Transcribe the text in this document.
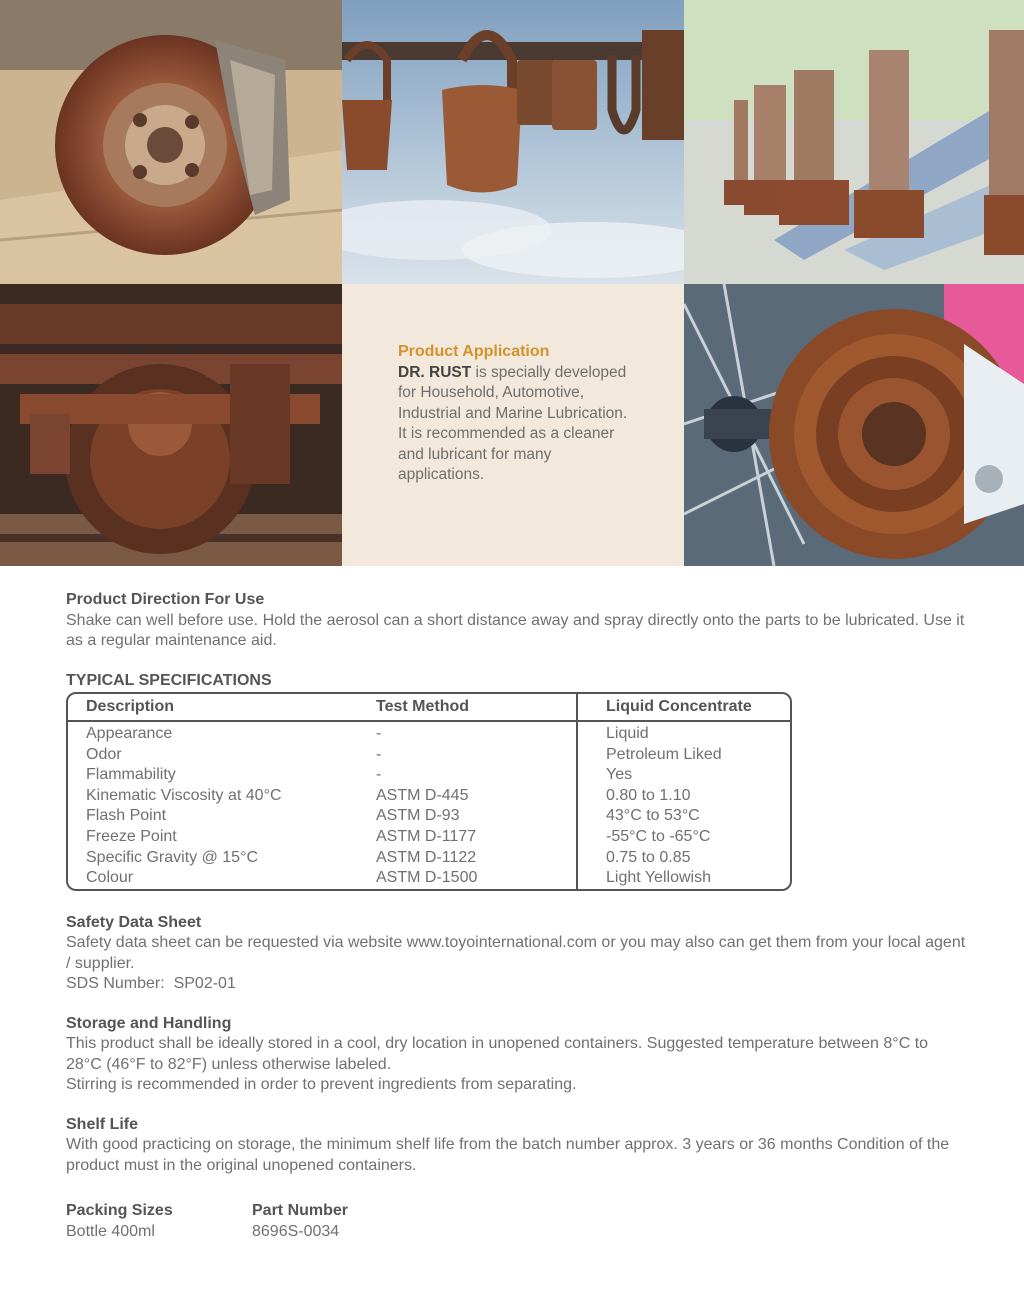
Product Application
DR. RUST is specially developed for Household, Automotive, Industrial and Marine Lubrication. It is recommended as a cleaner and lubricant for many applications.
Product Direction For Use

Shake can well before use. Hold the aerosol can a short distance away and spray directly onto the parts to be lubricated. Use it as a regular maintenance aid.

TYPICAL SPECIFICATIONS
Description	Test Method	Liquid Concentrate
Appearance	-	Liquid
Odor	-	Petroleum Liked
Flammability	-	Yes
Kinematic Viscosity at 40°C	ASTM D-445	0.80 to 1.10
Flash Point	ASTM D-93	43°C to 53°C
Freeze Point	ASTM D-1177	-55°C to -65°C
Specific Gravity @ 15°C	ASTM D-1122	0.75 to 0.85
Colour	ASTM D-1500	Light Yellowish
Safety Data Sheet

Safety data sheet can be requested via website www.toyointernational.com or you may also can get them from your local agent / supplier.

SDS Number:  SP02-01

Storage and Handling

This product shall be ideally stored in a cool, dry location in unopened containers. Suggested temperature between 8°C to 28°C (46°F to 82°F) unless otherwise labeled.

Stirring is recommended in order to prevent ingredients from separating.

Shelf Life

With good practicing on storage, the minimum shelf life from the batch number approx. 3 years or 36 months Condition of the product must in the original unopened containers.

Packing Sizes

Bottle 400ml

Part Number

8696S-0034
